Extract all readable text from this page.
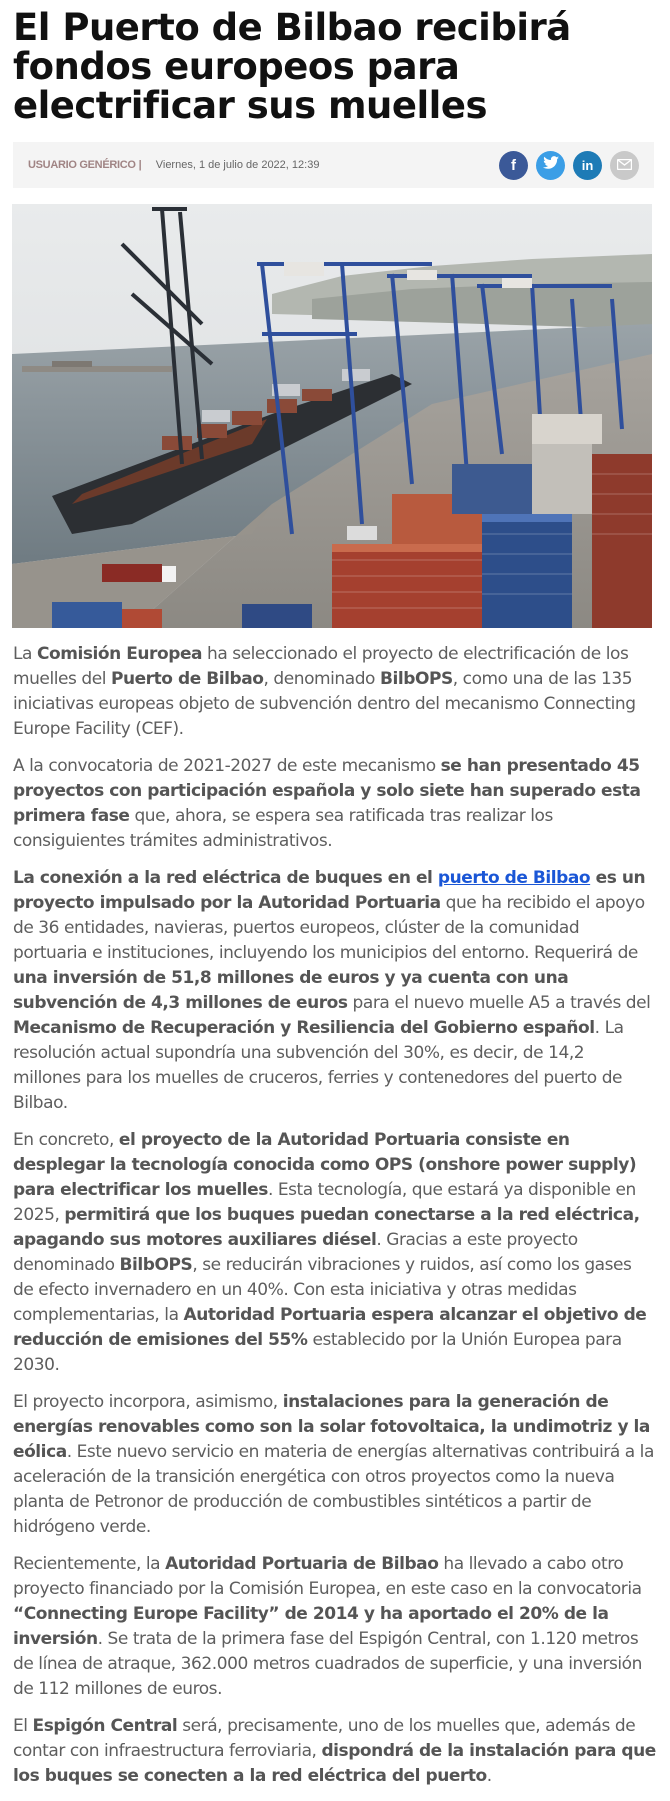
El Puerto de Bilbao recibirá fondos europeos para electrificar sus muelles
USUARIO GENÉRICO | Viernes, 1 de julio de 2022, 12:39	f	in

La Comisión Europea ha seleccionado el proyecto de electrificación de los muelles del Puerto de Bilbao, denominado BilbOPS, como una de las 135 iniciativas europeas objeto de subvención dentro del mecanismo Connecting Europe Facility (CEF).

A la convocatoria de 2021-2027 de este mecanismo se han presentado 45 proyectos con participación española y solo siete han superado esta primera fase que, ahora, se espera sea ratificada tras realizar los consiguientes trámites administrativos.

La conexión a la red eléctrica de buques en el puerto de Bilbao es un proyecto impulsado por la Autoridad Portuaria que ha recibido el apoyo de 36 entidades, navieras, puertos europeos, clúster de la comunidad portuaria e instituciones, incluyendo los municipios del entorno. Requerirá de una inversión de 51,8 millones de euros y ya cuenta con una subvención de 4,3 millones de euros para el nuevo muelle A5 a través del Mecanismo de Recuperación y Resiliencia del Gobierno español. La resolución actual supondría una subvención del 30%, es decir, de 14,2 millones para los muelles de cruceros, ferries y contenedores del puerto de Bilbao.

En concreto, el proyecto de la Autoridad Portuaria consiste en desplegar la tecnología conocida como OPS (onshore power supply) para electrificar los muelles. Esta tecnología, que estará ya disponible en 2025, permitirá que los buques puedan conectarse a la red eléctrica, apagando sus motores auxiliares diésel. Gracias a este proyecto denominado BilbOPS, se reducirán vibraciones y ruidos, así como los gases de efecto invernadero en un 40%. Con esta iniciativa y otras medidas complementarias, la Autoridad Portuaria espera alcanzar el objetivo de reducción de emisiones del 55% establecido por la Unión Europea para 2030.

El proyecto incorpora, asimismo, instalaciones para la generación de energías renovables como son la solar fotovoltaica, la undimotriz y la eólica. Este nuevo servicio en materia de energías alternativas contribuirá a la aceleración de la transición energética con otros proyectos como la nueva planta de Petronor de producción de combustibles sintéticos a partir de hidrógeno verde.

Recientemente, la Autoridad Portuaria de Bilbao ha llevado a cabo otro proyecto financiado por la Comisión Europea, en este caso en la convocatoria “Connecting Europe Facility” de 2014 y ha aportado el 20% de la inversión. Se trata de la primera fase del Espigón Central, con 1.120 metros de línea de atraque, 362.000 metros cuadrados de superficie, y una inversión de 112 millones de euros.

El Espigón Central será, precisamente, uno de los muelles que, además de contar con infraestructura ferroviaria, dispondrá de la instalación para que los buques se conecten a la red eléctrica del puerto.
